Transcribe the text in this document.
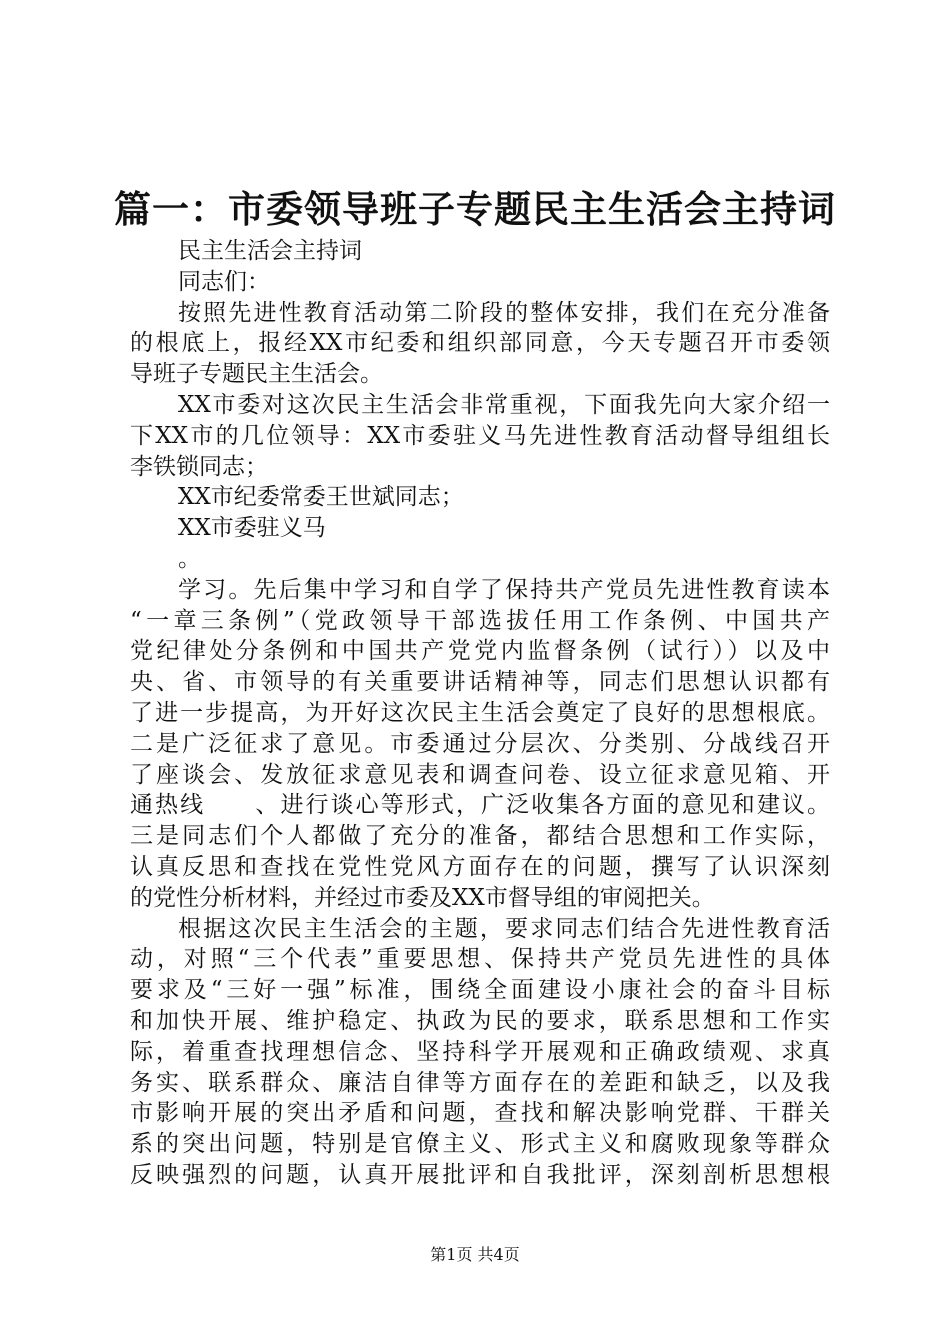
篇一：市委领导班子专题民主生活会主持词
民主生活会主持词
同志们：
按照先进性教育活动第二阶段的整体安排，我们在充分准备
的根底上，报经XX市纪委和组织部同意，今天专题召开市委领
导班子专题民主生活会。
XX市委对这次民主生活会非常重视，下面我先向大家介绍一
下XX市的几位领导：XX市委驻义马先进性教育活动督导组组长
李铁锁同志；
XX市纪委常委王世斌同志；
XX市委驻义马
。
学习。先后集中学习和自学了保持共产党员先进性教育读本
“一章三条例”（党政领导干部选拔任用工作条例、中国共产
党纪律处分条例和中国共产党党内监督条例（试行））以及中
央、省、市领导的有关重要讲话精神等，同志们思想认识都有
了进一步提高，为开好这次民主生活会奠定了良好的思想根底。
二是广泛征求了意见。市委通过分层次、分类别、分战线召开
了座谈会、发放征求意见表和调查问卷、设立征求意见箱、开
通热线　　、进行谈心等形式，广泛收集各方面的意见和建议。
三是同志们个人都做了充分的准备，都结合思想和工作实际，
认真反思和查找在党性党风方面存在的问题，撰写了认识深刻
的党性分析材料，并经过市委及XX市督导组的审阅把关。
根据这次民主生活会的主题，要求同志们结合先进性教育活
动，对照“三个代表”重要思想、保持共产党员先进性的具体
要求及“三好一强”标准，围绕全面建设小康社会的奋斗目标
和加快开展、维护稳定、执政为民的要求，联系思想和工作实
际，着重查找理想信念、坚持科学开展观和正确政绩观、求真
务实、联系群众、廉洁自律等方面存在的差距和缺乏，以及我
市影响开展的突出矛盾和问题，查找和解决影响党群、干群关
系的突出问题，特别是官僚主义、形式主义和腐败现象等群众
反映强烈的问题，认真开展批评和自我批评，深刻剖析思想根
第1页 共4页
